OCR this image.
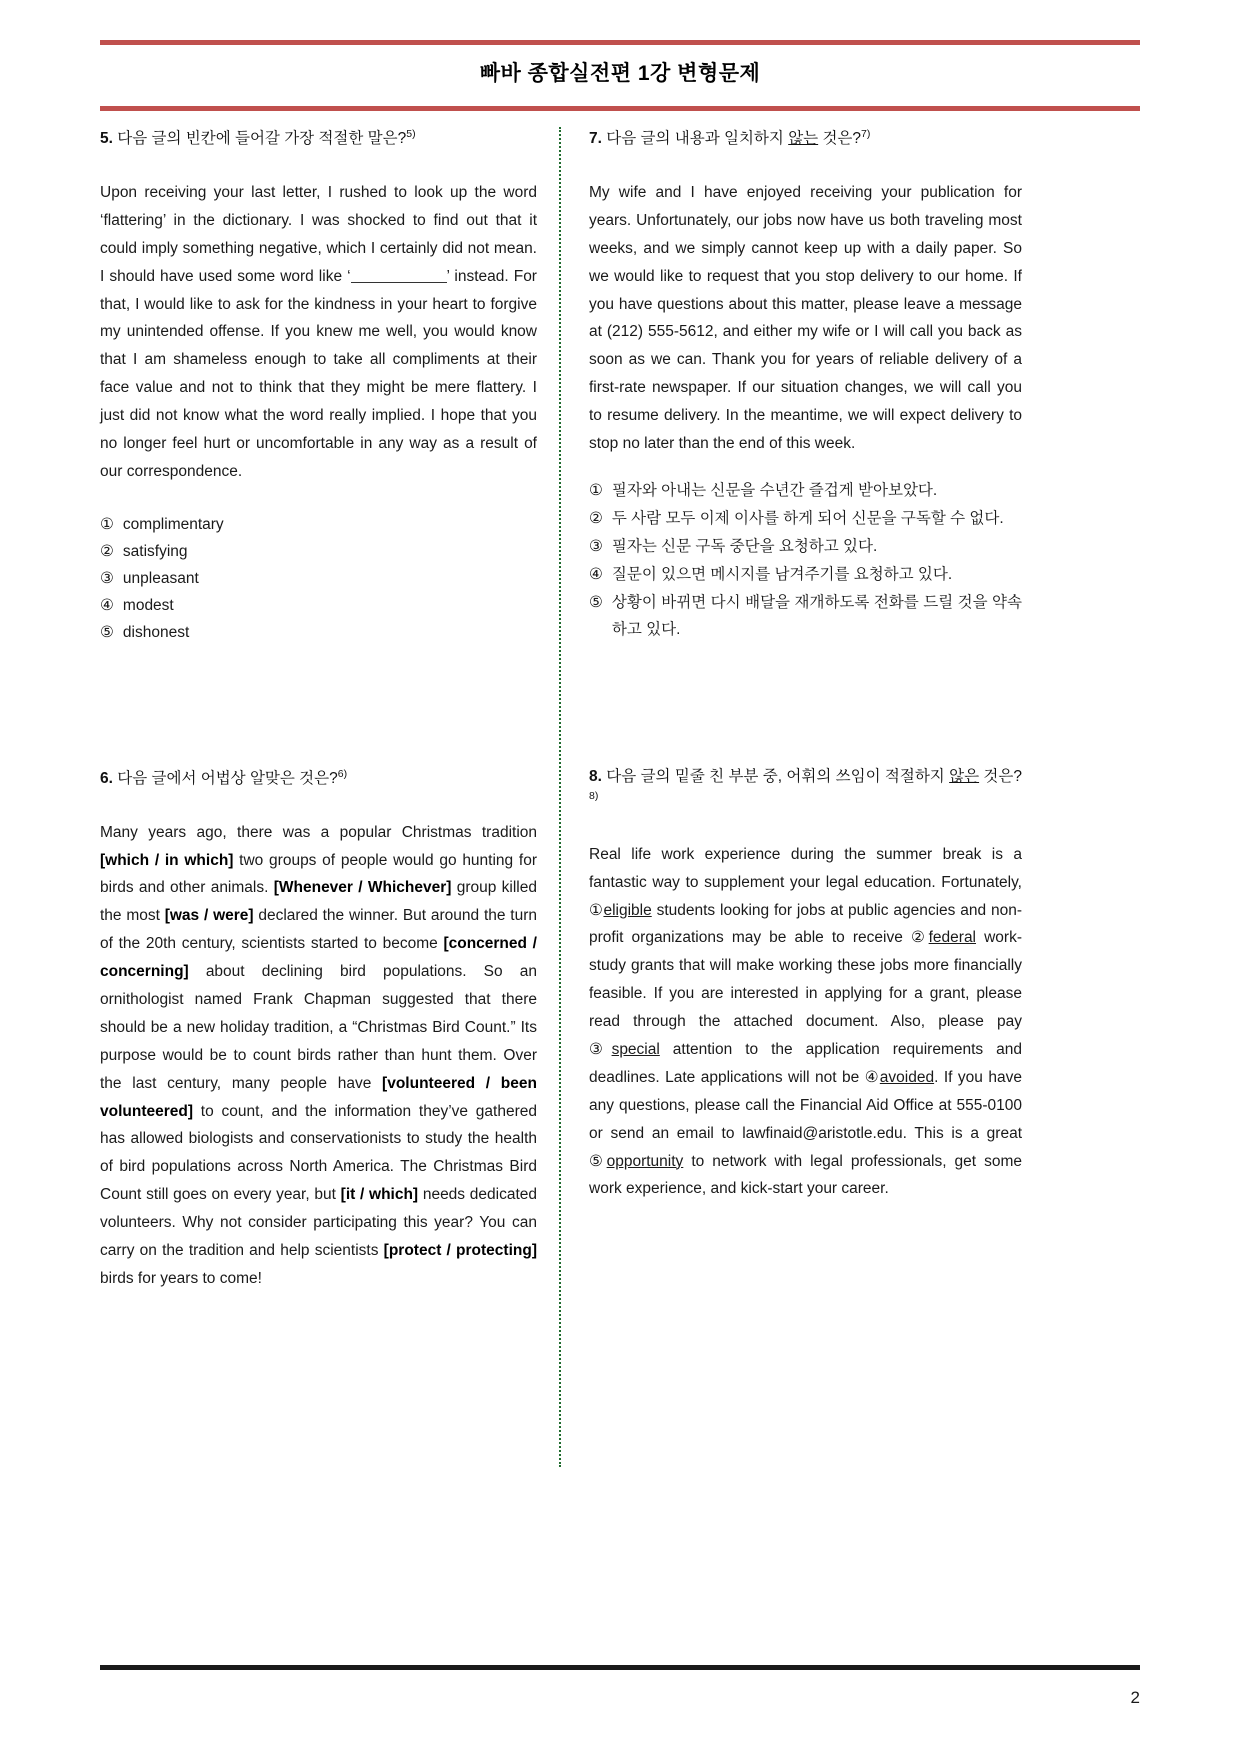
빠바 종합실전편 1강 변형문제
5. 다음 글의 빈칸에 들어갈 가장 적절한 말은?$^{5)}$
Upon receiving your last letter, I rushed to look up the word ‘flattering’ in the dictionary. I was shocked to find out that it could imply something negative, which I certainly did not mean. I should have used some word like ‘	’ instead. For that, I would like to ask for the kindness in your heart to forgive my unintended offense. If you knew me well, you would know that I am shameless enough to take all compliments at their face value and not to think that they might be mere flattery. I just did not know what the word really implied. I hope that you no longer feel hurt or uncomfortable in any way as a result of our correspondence.
① complimentary
② satisfying
③ unpleasant
④ modest
⑤ dishonest
6. 다음 글에서 어법상 알맞은 것은?$^{6)}$
Many years ago, there was a popular Christmas tradition [which / in which] two groups of people would go hunting for birds and other animals. [Whenever / Whichever] group killed the most [was / were] declared the winner. But around the turn of the 20th century, scientists started to become [concerned / concerning] about declining bird populations. So an ornithologist named Frank Chapman suggested that there should be a new holiday tradition, a “Christmas Bird Count.” Its purpose would be to count birds rather than hunt them. Over the last century, many people have [volunteered / been volunteered] to count, and the information they’ve gathered has allowed biologists and conservationists to study the health of bird populations across North America. The Christmas Bird Count still goes on every year, but [it / which] needs dedicated volunteers. Why not consider participating this year? You can carry on the tradition and help scientists [protect / protecting] birds for years to come!
7. 다음 글의 내용과 일치하지 않는 것은?$^{7)}$
My wife and I have enjoyed receiving your publication for years. Unfortunately, our jobs now have us both traveling most weeks, and we simply cannot keep up with a daily paper. So we would like to request that you stop delivery to our home. If you have questions about this matter, please leave a message at (212) 555-5612, and either my wife or I will call you back as soon as we can. Thank you for years of reliable delivery of a first-rate newspaper. If our situation changes, we will call you to resume delivery. In the meantime, we will expect delivery to stop no later than the end of this week.
① 필자와 아내는 신문을 수년간 즐겁게 받아보았다.
② 두 사람 모두 이제 이사를 하게 되어 신문을 구독할 수 없다.
③ 필자는 신문 구독 중단을 요청하고 있다.
④ 질문이 있으면 메시지를 남겨주기를 요청하고 있다.
⑤ 상황이 바뀌면 다시 배달을 재개하도록 전화를 드릴 것을 약속하고 있다.
8. 다음 글의 밑줄 친 부분 중, 어휘의 쓰임이 적절하지 않은 것은?$^{8)}$
Real life work experience during the summer break is a fantastic way to supplement your legal education. Fortunately, ①eligible students looking for jobs at public agencies and non-profit organizations may be able to receive ②federal work-study grants that will make working these jobs more financially feasible. If you are interested in applying for a grant, please read through the attached document. Also, please pay ③special attention to the application requirements and deadlines. Late applications will not be ④avoided. If you have any questions, please call the Financial Aid Office at 555-0100 or send an email to lawfinaid@aristotle.edu. This is a great ⑤opportunity to network with legal professionals, get some work experience, and kick-start your career.
2
